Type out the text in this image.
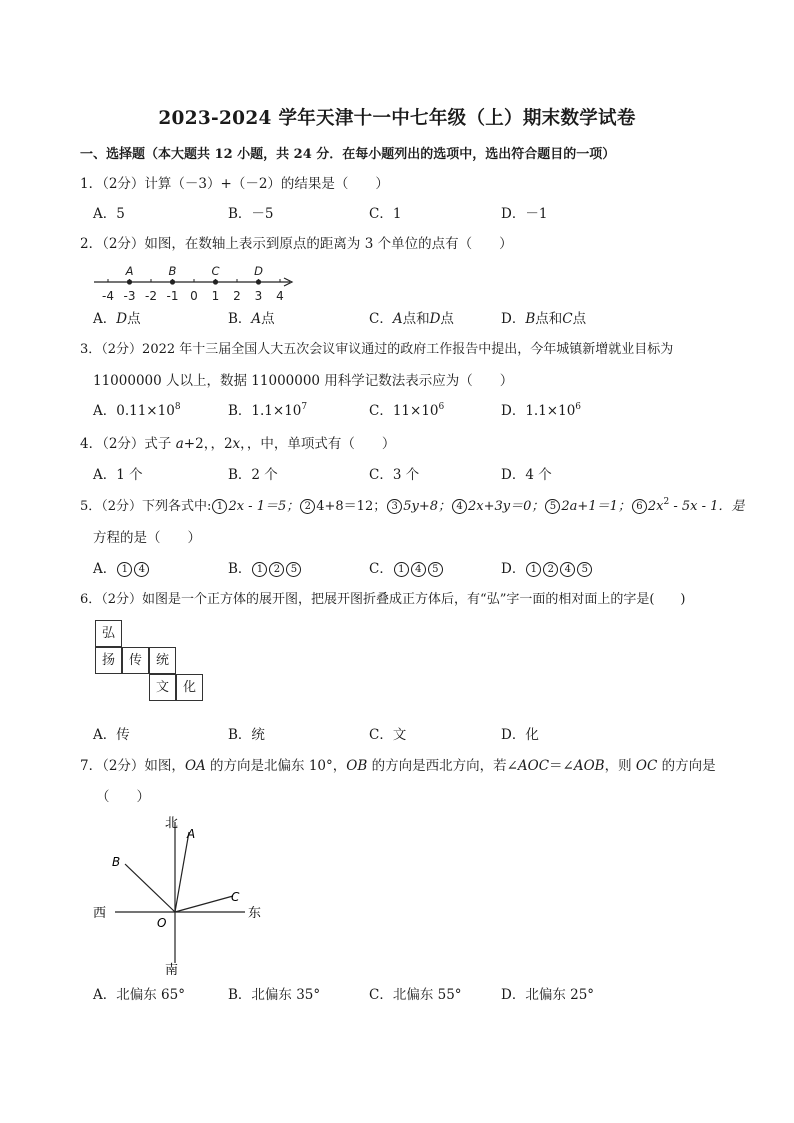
2023-2024 学年天津十一中七年级（上）期末数学试卷
一、选择题（本大题共 12 小题，共 24 分．在每小题列出的选项中，选出符合题目的一项）
1．（2分）计算（－3）+（－2）的结果是（　　）
A．5	B．－5	C．1	D．－1
2．（2分）如图，在数轴上表示到原点的距离为 3 个单位的点有（　　）
-4 -3 -2 -1 0 1 2 3 4
A	B	C	D
A．D点	B．A点	C．A点和D点	D．B点和C点
3．（2分）2022 年十三届全国人大五次会议审议通过的政府工作报告中提出，今年城镇新增就业目标为
11000000 人以上，数据 11000000 用科学记数法表示应为（　　）
A．$0.11\times 10^8$	B．$1.1\times 10^7$	C．$11\times 10^6$	D．$1.1\times 10^6$
4．（2分）式子 a+2，，2x，，中，单项式有（　　）
A．1 个	B．2 个	C．3 个	D．4 个
5．（2分）下列各式中: 1 2x - 1＝5； 2 4+8＝12； 3 5y+8； 4 2x+3y＝0； 5 2a+1＝1； 6 $2x^2 - 5x - 1$．是
方程的是（　　）
A． 1 4	B． 1 2 5	C． 1 4 5	D． 1 2 4 5
6．（2分）如图是一个正方体的展开图，把展开图折叠成正方体后，有“弘”字一面的相对面上的字是(　　)
弘
扬	传	统
文	化
A．传	B．统	C．文	D．化
7．（2分）如图，OA 的方向是北偏东 10°，OB 的方向是西北方向，若∠AOC＝∠AOB，则 OC 的方向是
（　　）
北
南
西	东
O
A
B
C
A．北偏东 65°	B．北偏东 35°	C．北偏东 55°	D．北偏东 25°
